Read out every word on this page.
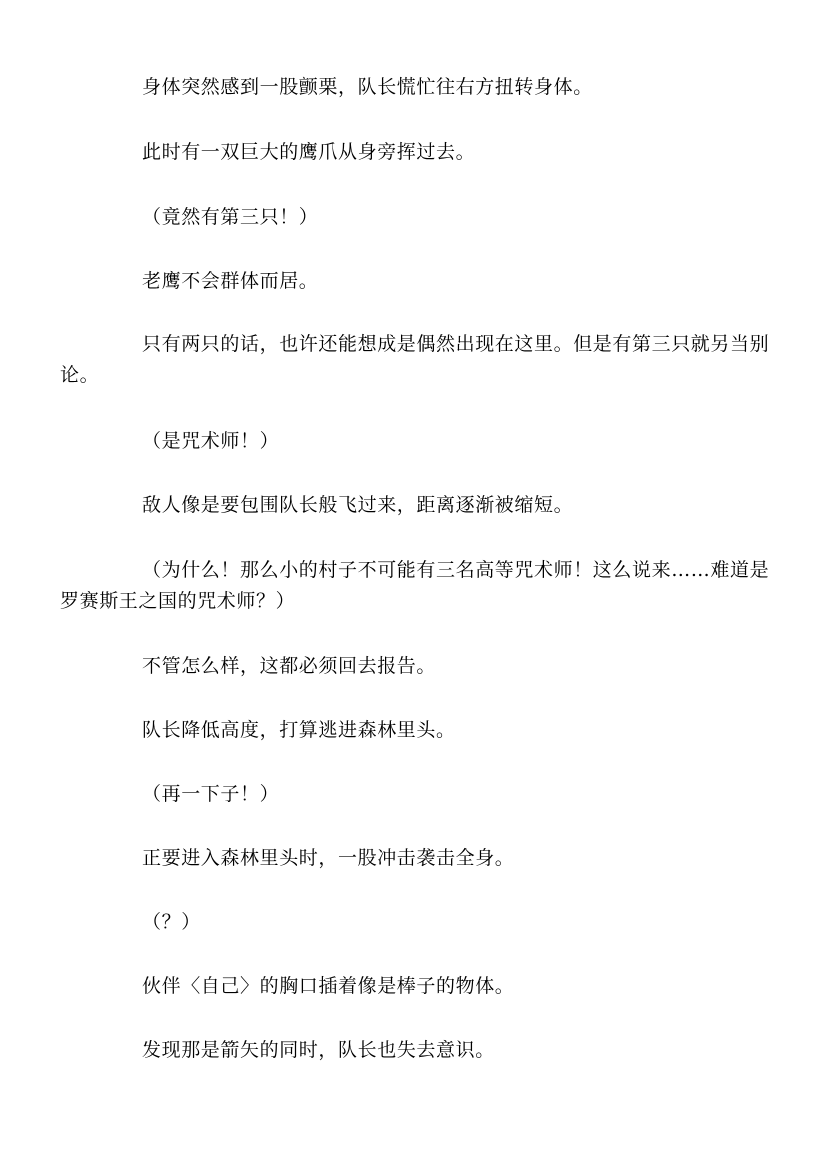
身体突然感到一股颤栗，队长慌忙往右方扭转身体。

此时有一双巨大的鹰爪从身旁挥过去。

（竟然有第三只！）

老鹰不会群体而居。

只有两只的话，也许还能想成是偶然出现在这里。但是有第三只就另当别论。

（是咒术师！）

敌人像是要包围队长般飞过来，距离逐渐被缩短。

（为什么！那么小的村子不可能有三名高等咒术师！这么说来……难道是罗赛斯王之国的咒术师？）

不管怎么样，这都必须回去报告。

队长降低高度，打算逃进森林里头。

（再一下子！）

正要进入森林里头时，一股冲击袭击全身。

（？）

伙伴〈自己〉的胸口插着像是棒子的物体。

发现那是箭矢的同时，队长也失去意识。
